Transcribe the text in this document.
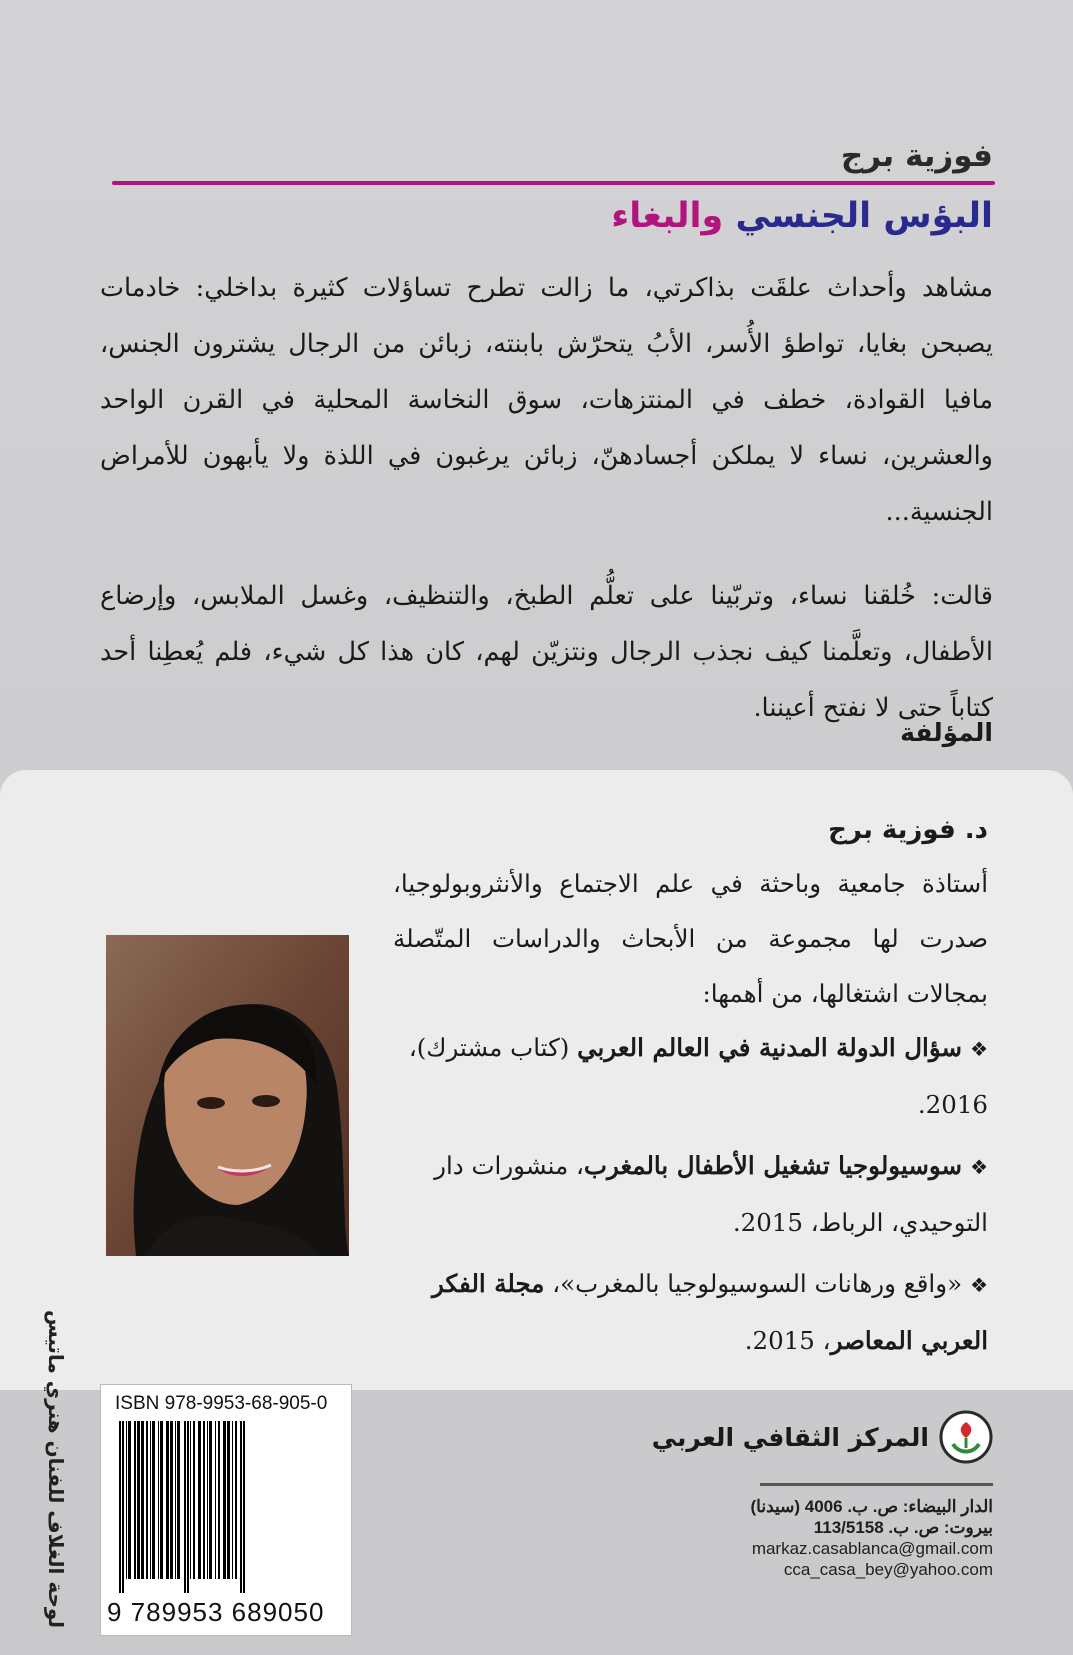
فوزية برج
البؤس الجنسي والبغاء

مشاهد وأحداث علقَت بذاكرتي، ما زالت تطرح تساؤلات كثيرة بداخلي: خادمات يصبحن بغايا، تواطؤ الأُسر، الأبُ يتحرّش بابنته، زبائن من الرجال يشترون الجنس، مافيا القوادة، خطف في المنتزهات، سوق النخاسة المحلية في القرن الواحد والعشرين، نساء لا يملكن أجسادهنّ، زبائن يرغبون في اللذة ولا يأبهون للأمراض الجنسية...

قالت: خُلقنا نساء، وتربّينا على تعلُّم الطبخ، والتنظيف، وغسل الملابس، وإرضاع الأطفال، وتعلَّمنا كيف نجذب الرجال ونتزيّن لهم، كان هذا كل شيء، فلم يُعطِنا أحد كتاباً حتى لا نفتح أعيننا.

المؤلفة
د. فوزية برج

أستاذة جامعية وباحثة في علم الاجتماع والأنثروبولوجيا، صدرت لها مجموعة من الأبحاث والدراسات المتّصلة بمجالات اشتغالها، من أهمها:

❖سؤال الدولة المدنية في العالم العربي (كتاب مشترك)، 2016.
❖سوسيولوجيا تشغيل الأطفال بالمغرب، منشورات دار التوحيدي، الرباط، 2015.
❖«واقع ورهانات السوسيولوجيا بالمغرب»، مجلة الفكر العربي المعاصر، 2015.
لوحة الغلاف للفنان هنري ماتيس ISBN 978-9953-68-905-0
9 789953 689050
المركز الثقافي العربي
الدار البيضاء: ص. ب. 4006 (سيدنا)
بيروت: ص. ب. 113/5158
markaz.casablanca@gmail.com
cca_casa_bey@yahoo.com
